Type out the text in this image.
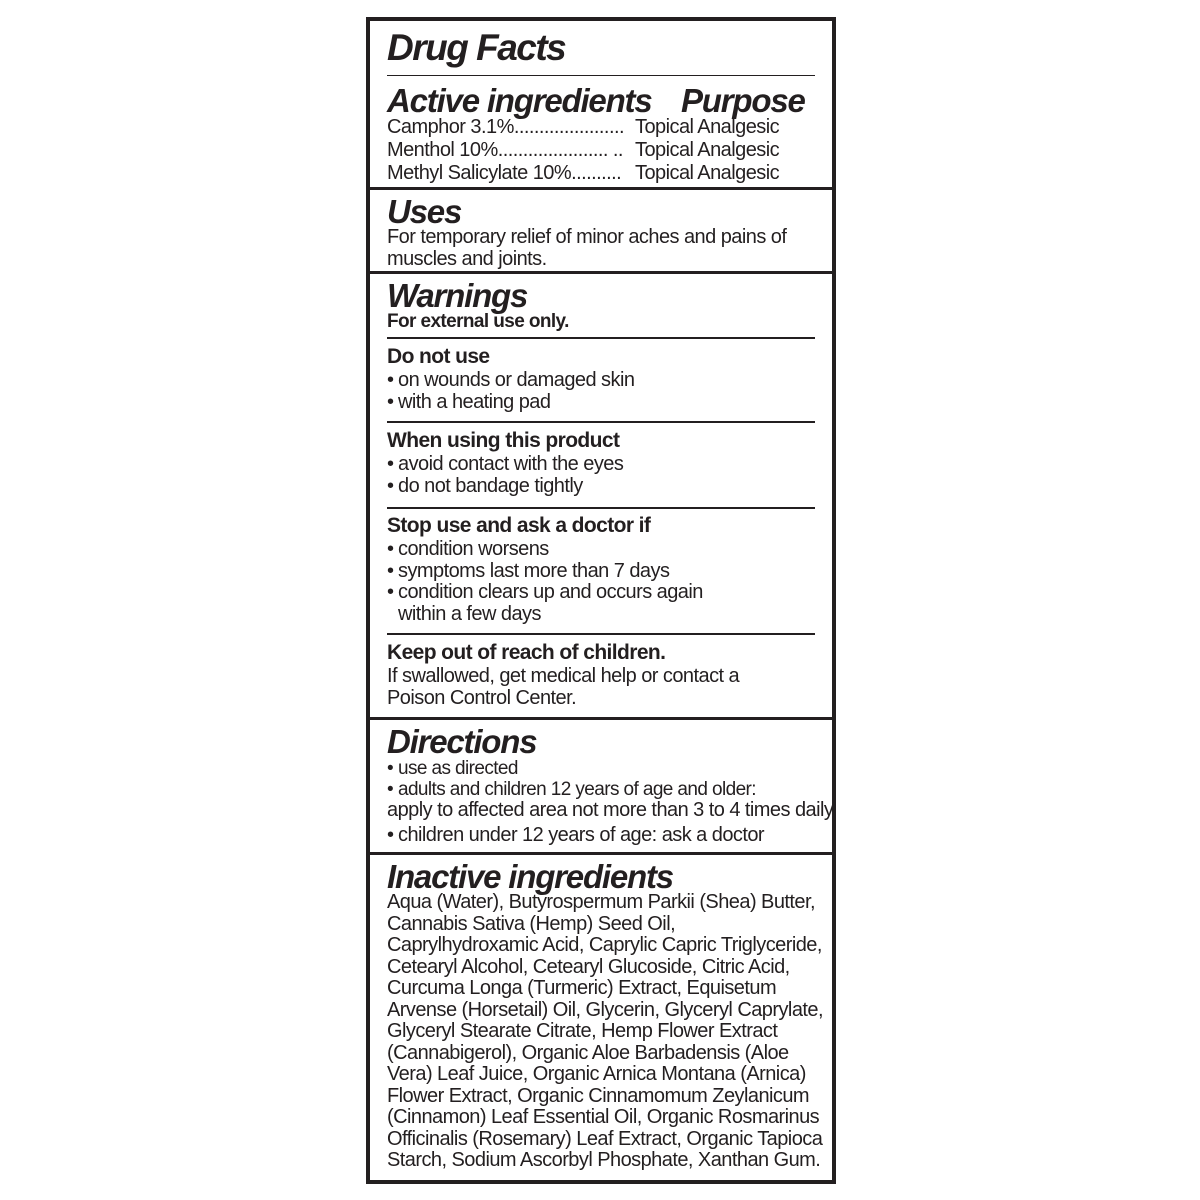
Drug Facts
Active ingredients Purpose
Camphor 3.1%...................... Topical Analgesic
Menthol 10%...................... .. Topical Analgesic
Methyl Salicylate 10%.......... Topical Analgesic
Uses
For temporary relief of minor aches and pains of muscles and joints.
Warnings
For external use only.
Do not use
• on wounds or damaged skin
• with a heating pad
When using this product
• avoid contact with the eyes
• do not bandage tightly
Stop use and ask a doctor if
• condition worsens
• symptoms last more than 7 days
• condition clears up and occurs again within a few days
Keep out of reach of children.
If swallowed, get medical help or contact a Poison Control Center.
Directions
• use as directed
• adults and children 12 years of age and older:
apply to affected area not more than 3 to 4 times daily
• children under 12 years of age: ask a doctor
Inactive ingredients
Aqua (Water), Butyrospermum Parkii (Shea) Butter, Cannabis Sativa (Hemp) Seed Oil, Caprylhydroxamic Acid, Caprylic Capric Triglyceride, Cetearyl Alcohol, Cetearyl Glucoside, Citric Acid, Curcuma Longa (Turmeric) Extract, Equisetum Arvense (Horsetail) Oil, Glycerin, Glyceryl Caprylate, Glyceryl Stearate Citrate, Hemp Flower Extract (Cannabigerol), Organic Aloe Barbadensis (Aloe Vera) Leaf Juice, Organic Arnica Montana (Arnica) Flower Extract, Organic Cinnamomum Zeylanicum (Cinnamon) Leaf Essential Oil, Organic Rosmarinus Officinalis (Rosemary) Leaf Extract, Organic Tapioca Starch, Sodium Ascorbyl Phosphate, Xanthan Gum.
